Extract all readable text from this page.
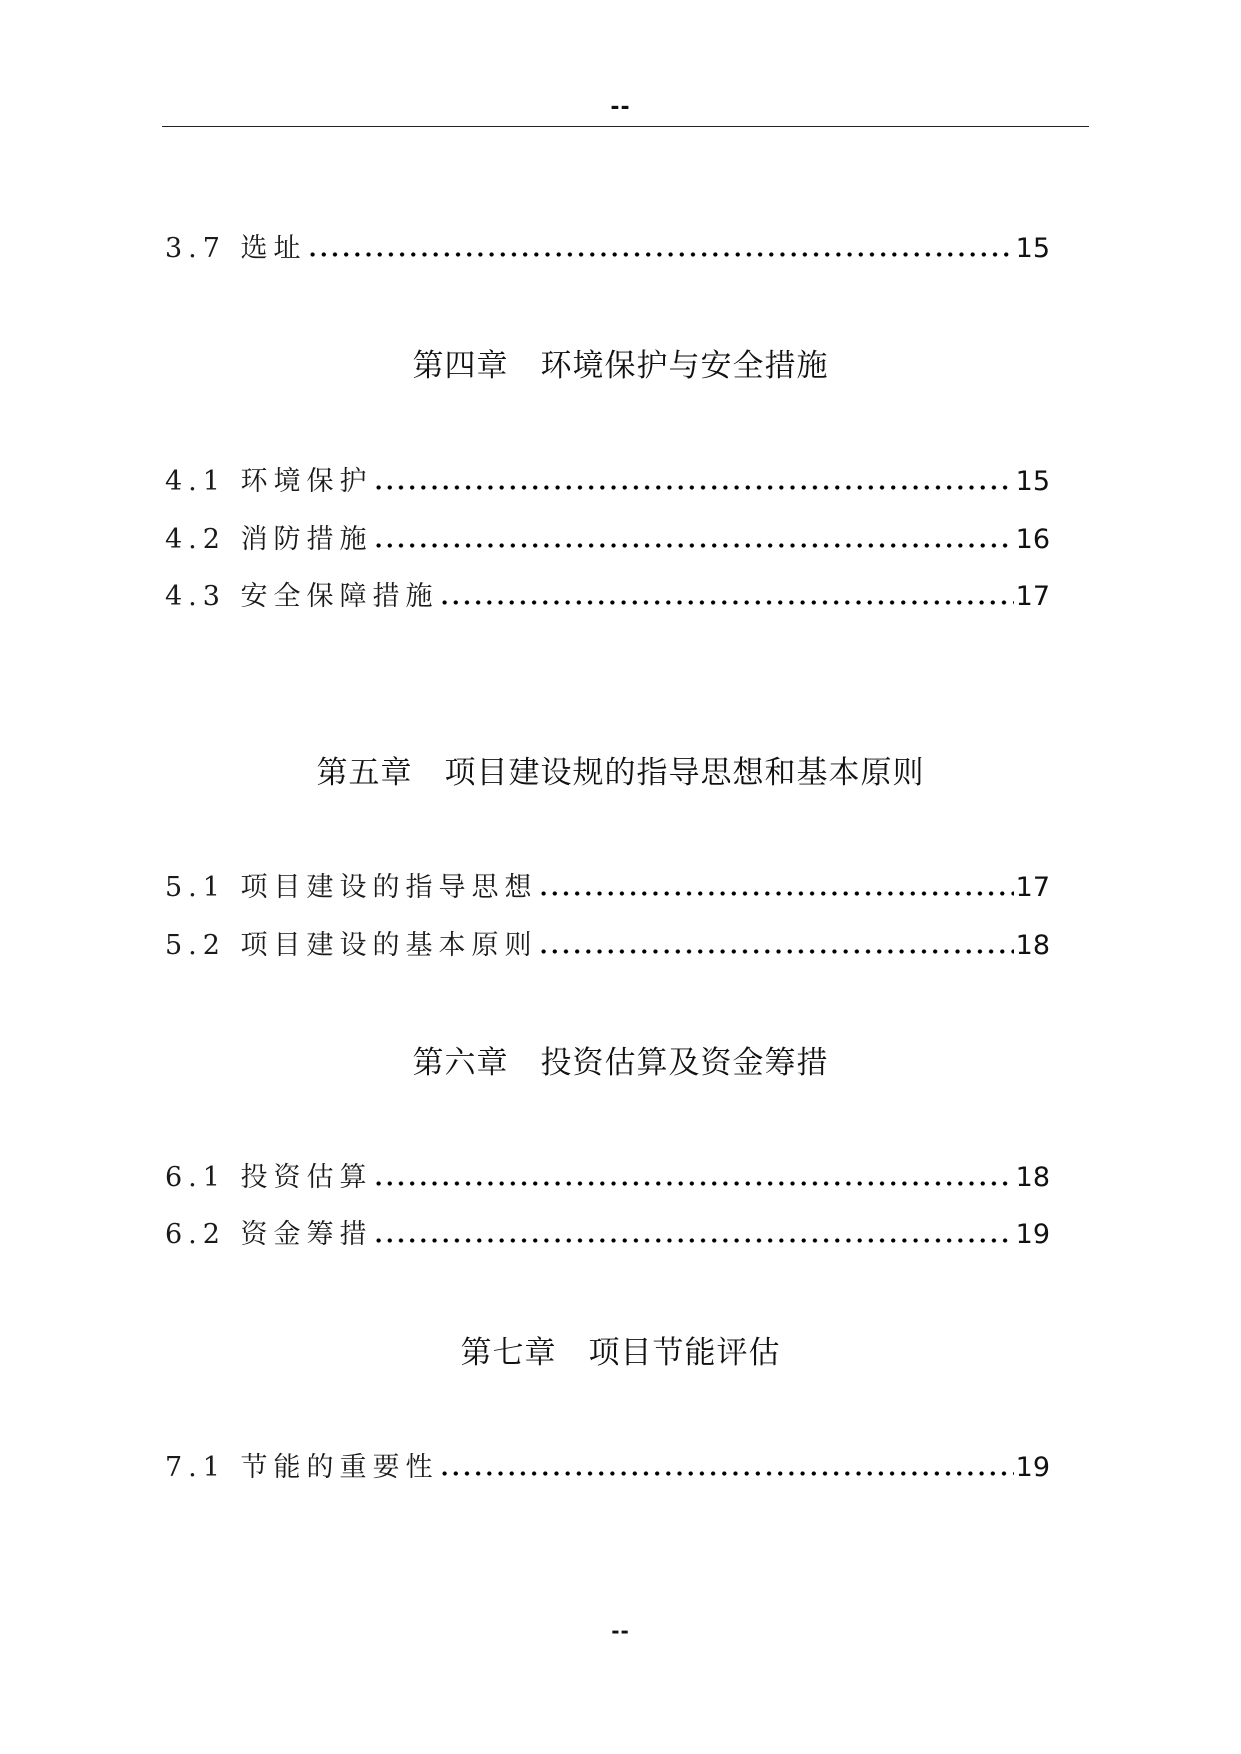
--
3.7 选址	15
第四章　环境保护与安全措施
4.1 环境保护	15
4.2 消防措施	16
4.3 安全保障措施	17
第五章　项目建设规的指导思想和基本原则
5.1 项目建设的指导思想	17
5.2 项目建设的基本原则	18
第六章　投资估算及资金筹措
6.1 投资估算	18
6.2 资金筹措	19
第七章　项目节能评估
7.1 节能的重要性	19
--
